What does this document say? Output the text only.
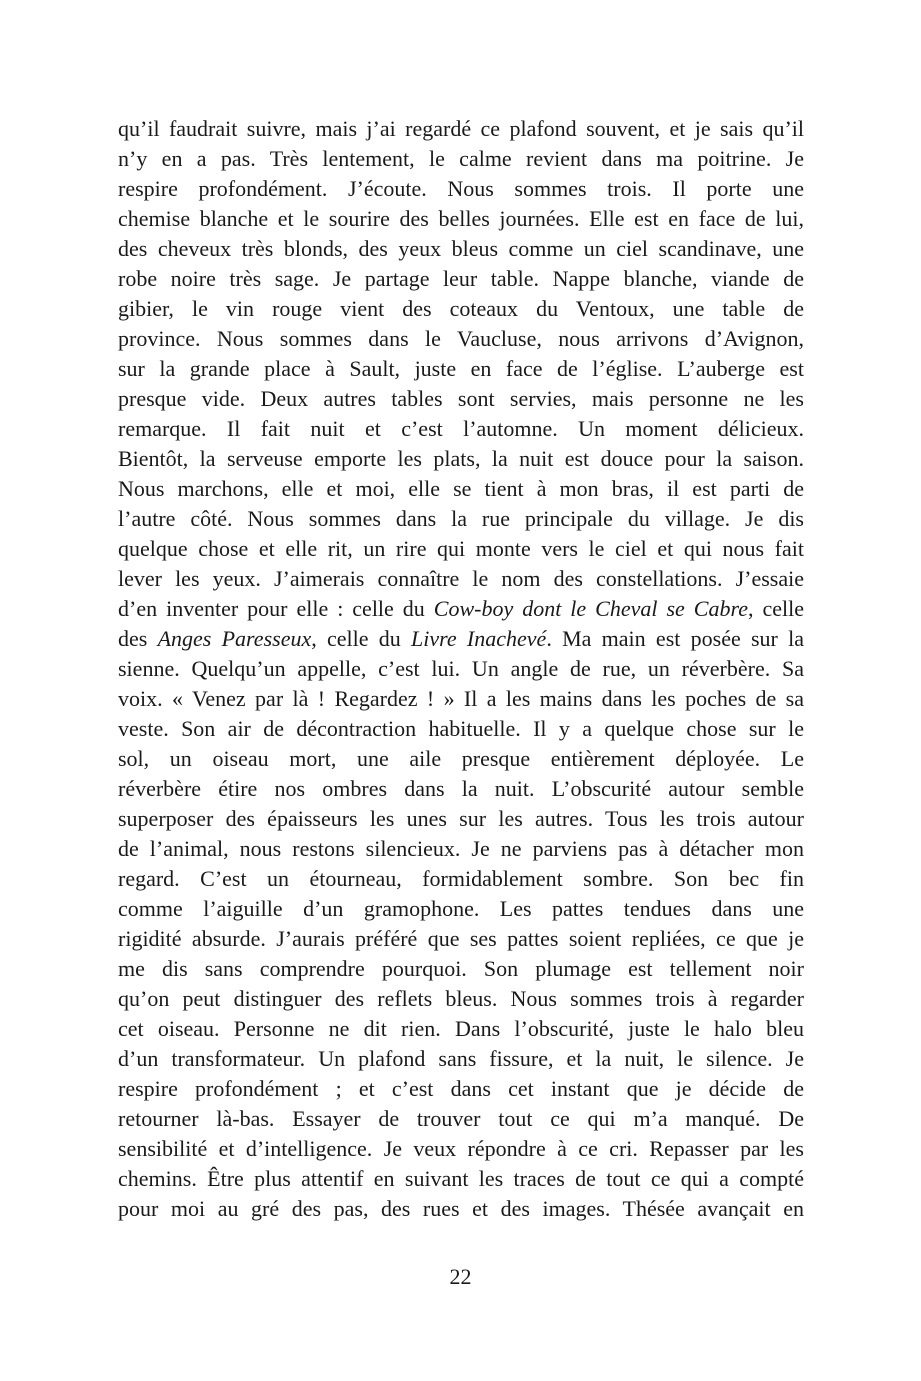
qu’il faudrait suivre, mais j’ai regardé ce plafond souvent, et je sais qu’il
n’y en a pas. Très lentement, le calme revient dans ma poitrine. Je
respire profondément. J’écoute. Nous sommes trois. Il porte une
chemise blanche et le sourire des belles journées. Elle est en face de lui,
des cheveux très blonds, des yeux bleus comme un ciel scandinave, une
robe noire très sage. Je partage leur table. Nappe blanche, viande de
gibier, le vin rouge vient des coteaux du Ventoux, une table de
province. Nous sommes dans le Vaucluse, nous arrivons d’Avignon,
sur la grande place à Sault, juste en face de l’église. L’auberge est
presque vide. Deux autres tables sont servies, mais personne ne les
remarque. Il fait nuit et c’est l’automne. Un moment délicieux.
Bientôt, la serveuse emporte les plats, la nuit est douce pour la saison.
Nous marchons, elle et moi, elle se tient à mon bras, il est parti de
l’autre côté. Nous sommes dans la rue principale du village. Je dis
quelque chose et elle rit, un rire qui monte vers le ciel et qui nous fait
lever les yeux. J’aimerais connaître le nom des constellations. J’essaie
d’en inventer pour elle : celle du Cow-boy dont le Cheval se Cabre, celle
des Anges Paresseux, celle du Livre Inachevé. Ma main est posée sur la
sienne. Quelqu’un appelle, c’est lui. Un angle de rue, un réverbère. Sa
voix. « Venez par là ! Regardez ! » Il a les mains dans les poches de sa
veste. Son air de décontraction habituelle. Il y a quelque chose sur le
sol, un oiseau mort, une aile presque entièrement déployée. Le
réverbère étire nos ombres dans la nuit. L’obscurité autour semble
superposer des épaisseurs les unes sur les autres. Tous les trois autour
de l’animal, nous restons silencieux. Je ne parviens pas à détacher mon
regard. C’est un étourneau, formidablement sombre. Son bec fin
comme l’aiguille d’un gramophone. Les pattes tendues dans une
rigidité absurde. J’aurais préféré que ses pattes soient repliées, ce que je
me dis sans comprendre pourquoi. Son plumage est tellement noir
qu’on peut distinguer des reflets bleus. Nous sommes trois à regarder
cet oiseau. Personne ne dit rien. Dans l’obscurité, juste le halo bleu
d’un transformateur. Un plafond sans fissure, et la nuit, le silence. Je
respire profondément ; et c’est dans cet instant que je décide de
retourner là-bas. Essayer de trouver tout ce qui m’a manqué. De
sensibilité et d’intelligence. Je veux répondre à ce cri. Repasser par les
chemins. Être plus attentif en suivant les traces de tout ce qui a compté
pour moi au gré des pas, des rues et des images. Thésée avançait en
22
